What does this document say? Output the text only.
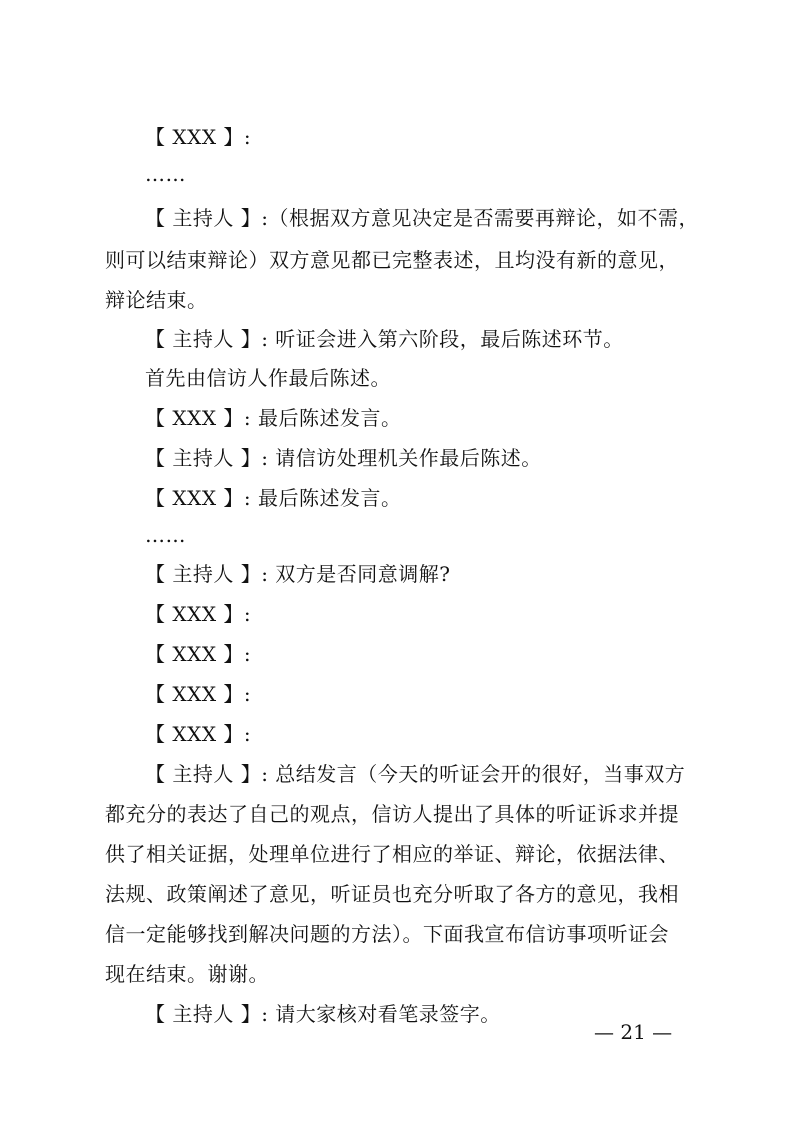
【 XXX 】:
……
【 主持人 】:（根据双方意见决定是否需要再辩论，如不需，
则可以结束辩论）双方意见都已完整表述，且均没有新的意见，
辩论结束。
【 主持人 】: 听证会进入第六阶段，最后陈述环节。
首先由信访人作最后陈述。
【 XXX 】: 最后陈述发言。
【 主持人 】: 请信访处理机关作最后陈述。
【 XXX 】: 最后陈述发言。
……
【 主持人 】: 双方是否同意调解?
【 XXX 】:
【 XXX 】:
【 XXX 】:
【 XXX 】:
【 主持人 】: 总结发言（今天的听证会开的很好，当事双方
都充分的表达了自己的观点，信访人提出了具体的听证诉求并提
供了相关证据，处理单位进行了相应的举证、辩论，依据法律、
法规、政策阐述了意见，听证员也充分听取了各方的意见，我相
信一定能够找到解决问题的方法）。下面我宣布信访事项听证会
现在结束。谢谢。
【 主持人 】: 请大家核对看笔录签字。
— 21 —
